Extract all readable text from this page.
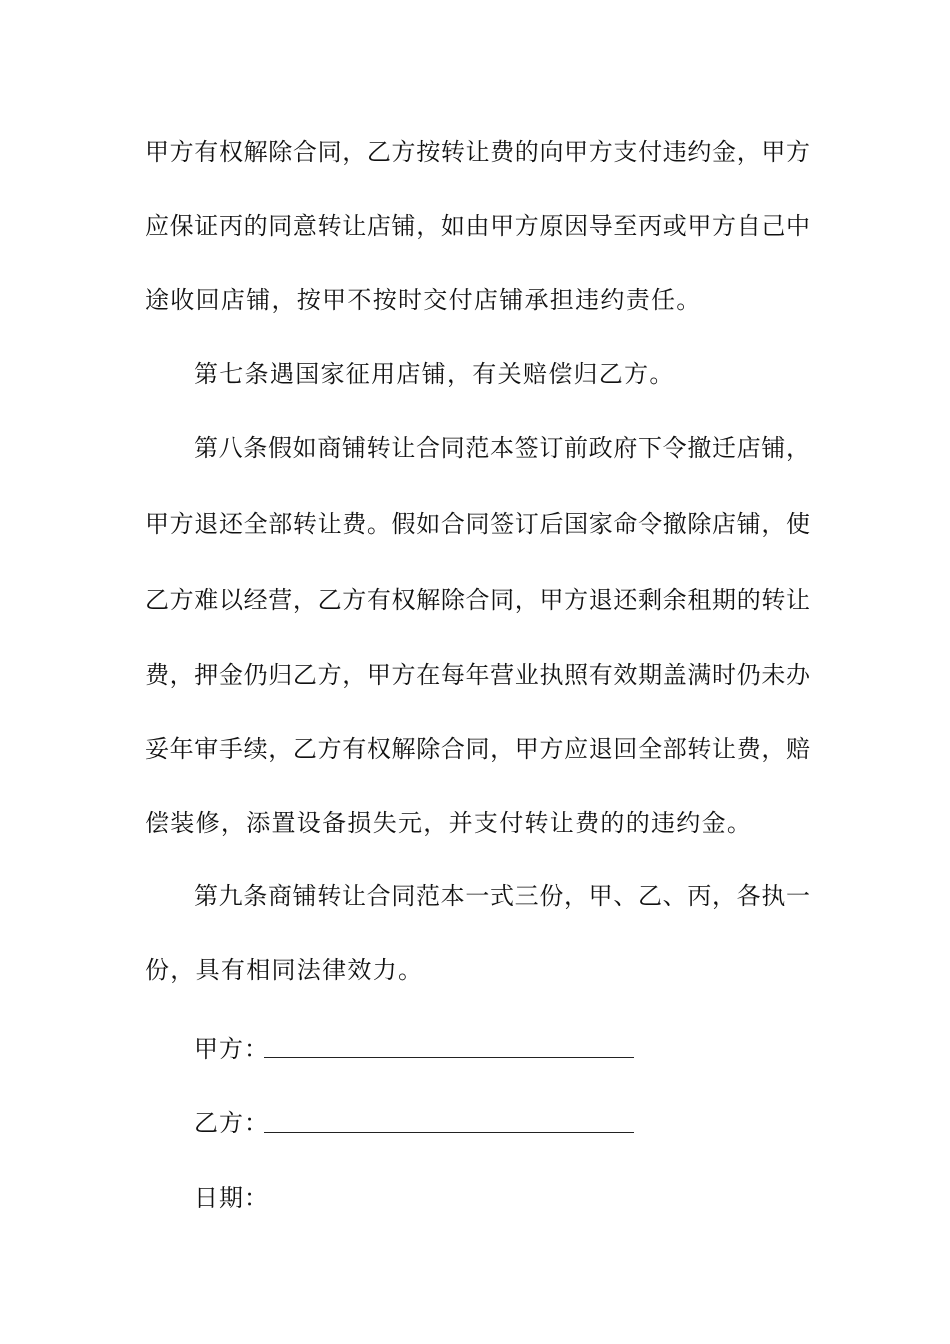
甲方有权解除合同，乙方按转让费的向甲方支付违约金，甲方
应保证丙的同意转让店铺，如由甲方原因导至丙或甲方自己中
途收回店铺，按甲不按时交付店铺承担违约责任。
第七条遇国家征用店铺，有关赔偿归乙方。
第八条假如商铺转让合同范本签订前政府下令撤迁店铺，
甲方退还全部转让费。假如合同签订后国家命令撤除店铺，使
乙方难以经营，乙方有权解除合同，甲方退还剩余租期的转让
费，押金仍归乙方，甲方在每年营业执照有效期盖满时仍未办
妥年审手续，乙方有权解除合同，甲方应退回全部转让费，赔
偿装修，添置设备损失元，并支付转让费的的违约金。
第九条商铺转让合同范本一式三份，甲、乙、丙，各执一
份，具有相同法律效力。
甲方：
乙方：
日期：
